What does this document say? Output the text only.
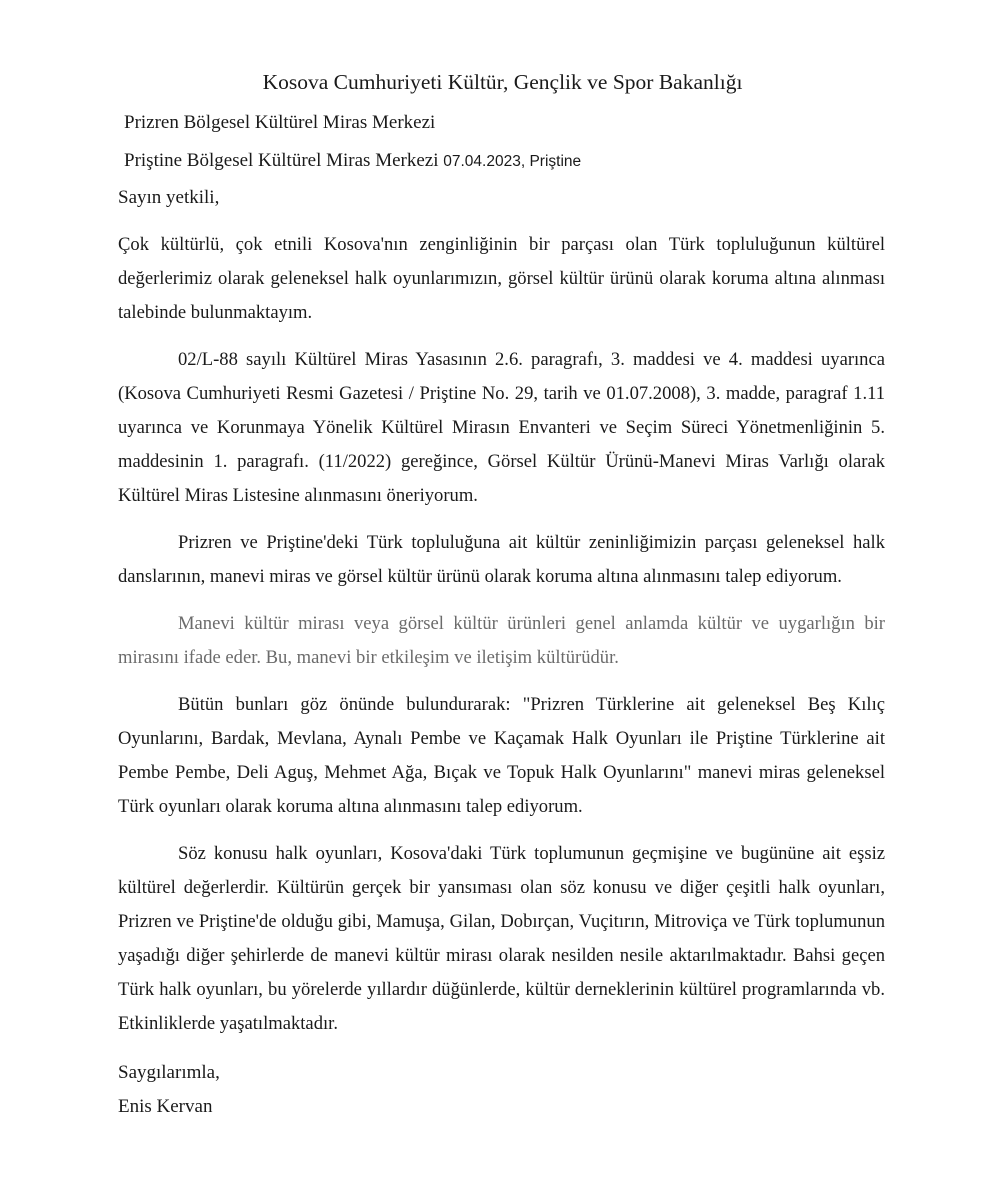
Kosova Cumhuriyeti Kültür, Gençlik ve Spor Bakanlığı
Prizren Bölgesel Kültürel Miras Merkezi
Priştine Bölgesel Kültürel Miras Merkezi 07.04.2023, Priştine
Sayın yetkili,
Çok kültürlü, çok etnili Kosova'nın zenginliğinin bir parçası olan Türk topluluğunun kültürel değerlerimiz olarak geleneksel halk oyunlarımızın, görsel kültür ürünü olarak koruma altına alınması talebinde bulunmaktayım.
02/L-88 sayılı Kültürel Miras Yasasının 2.6. paragrafı, 3. maddesi ve 4. maddesi uyarınca (Kosova Cumhuriyeti Resmi Gazetesi / Priştine No. 29, tarih ve 01.07.2008), 3. madde, paragraf 1.11 uyarınca ve Korunmaya Yönelik Kültürel Mirasın Envanteri ve Seçim Süreci Yönetmenliğinin 5. maddesinin 1. paragrafı. (11/2022) gereğince, Görsel Kültür Ürünü-Manevi Miras Varlığı olarak Kültürel Miras Listesine alınmasını öneriyorum.
Prizren ve Priştine'deki Türk topluluğuna ait kültür zeninliğimizin parçası geleneksel halk danslarının, manevi miras ve görsel kültür ürünü olarak koruma altına alınmasını talep ediyorum.
Manevi kültür mirası veya görsel kültür ürünleri genel anlamda kültür ve uygarlığın bir mirasını ifade eder. Bu, manevi bir etkileşim ve iletişim kültürüdür.
Bütün bunları göz önünde bulundurarak: "Prizren Türklerine ait geleneksel Beş Kılıç Oyunlarını, Bardak, Mevlana, Aynalı Pembe ve Kaçamak Halk Oyunları ile Priştine Türklerine ait Pembe Pembe, Deli Aguş, Mehmet Ağa, Bıçak ve Topuk Halk Oyunlarını" manevi miras geleneksel Türk oyunları olarak koruma altına alınmasını talep ediyorum.
Söz konusu halk oyunları, Kosova'daki Türk toplumunun geçmişine ve bugününe ait eşsiz kültürel değerlerdir. Kültürün gerçek bir yansıması olan söz konusu ve diğer çeşitli halk oyunları, Prizren ve Priştine'de olduğu gibi, Mamuşa, Gilan, Dobırçan, Vuçitırın, Mitroviça ve Türk toplumunun yaşadığı diğer şehirlerde de manevi kültür mirası olarak nesilden nesile aktarılmaktadır. Bahsi geçen Türk halk oyunları, bu yörelerde yıllardır düğünlerde, kültür derneklerinin kültürel programlarında vb. Etkinliklerde yaşatılmaktadır.
Saygılarımla,
Enis Kervan
